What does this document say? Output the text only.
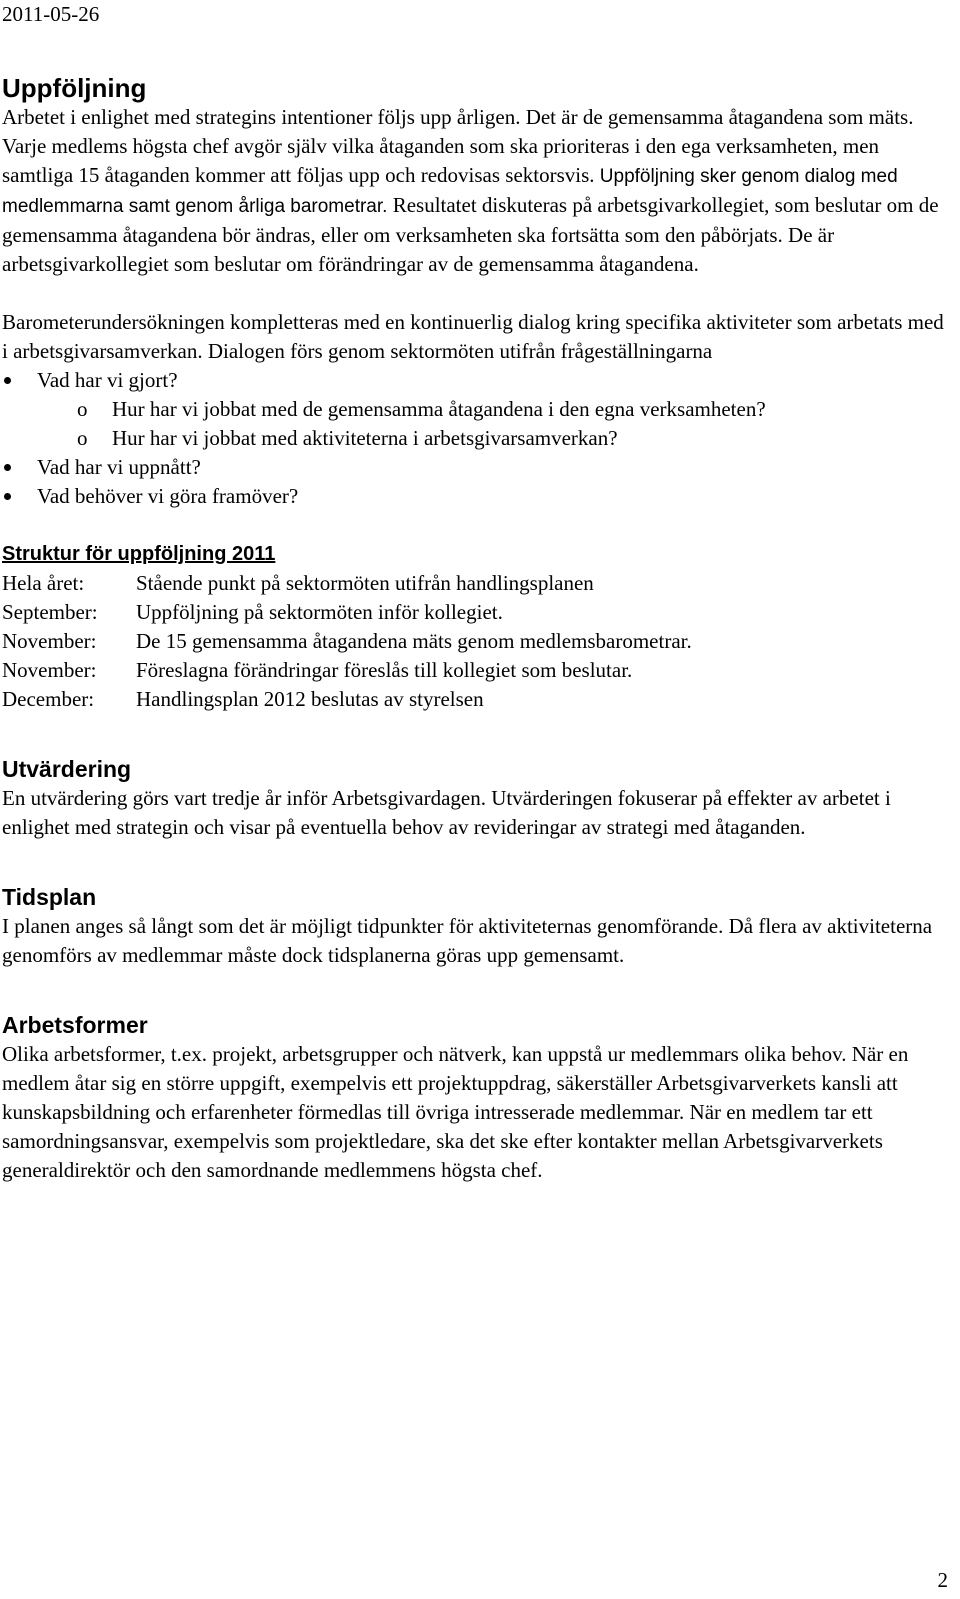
2011-05-26
Uppföljning

Arbetet i enlighet med strategins intentioner följs upp årligen. Det är de gemensamma åtagandena som mäts. Varje medlems högsta chef avgör själv vilka åtaganden som ska prioriteras i den ega verksamheten, men samtliga 15 åtaganden kommer att följas upp och redovisas sektorsvis. Uppföljning sker genom dialog med medlemmarna samt genom årliga barometrar. Resultatet diskuteras på arbetsgivarkollegiet, som beslutar om de gemensamma åtagandena bör ändras, eller om verksamheten ska fortsätta som den påbörjats. De är arbetsgivarkollegiet som beslutar om förändringar av de gemensamma åtagandena.

Barometerundersökningen kompletteras med en kontinuerlig dialog kring specifika aktiviteter som arbetats med i arbetsgivarsamverkan. Dialogen förs genom sektormöten utifrån frågeställningarna

Vad har vi gjort?
o Hur har vi jobbat med de gemensamma åtagandena i den egna verksamheten?
o Hur har vi jobbat med aktiviteterna i arbetsgivarsamverkan?
Vad har vi uppnått?
Vad behöver vi göra framöver?

Struktur för uppföljning 2011

Hela året:	Stående punkt på sektormöten utifrån handlingsplanen
September:	Uppföljning på sektormöten inför kollegiet.
November:	De 15 gemensamma åtagandena mäts genom medlemsbarometrar.
November:	Föreslagna förändringar föreslås till kollegiet som beslutar.
December:	Handlingsplan 2012 beslutas av styrelsen
Utvärdering

En utvärdering görs vart tredje år inför Arbetsgivardagen. Utvärderingen fokuserar på effekter av arbetet i enlighet med strategin och visar på eventuella behov av revideringar av strategi med åtaganden.

Tidsplan

I planen anges så långt som det är möjligt tidpunkter för aktiviteternas genomförande. Då flera av aktiviteterna genomförs av medlemmar måste dock tidsplanerna göras upp gemensamt.

Arbetsformer

Olika arbetsformer, t.ex. projekt, arbetsgrupper och nätverk, kan uppstå ur medlemmars olika behov. När en medlem åtar sig en större uppgift, exempelvis ett projektuppdrag, säkerställer Arbetsgivarverkets kansli att kunskapsbildning och erfarenheter förmedlas till övriga intresserade medlemmar. När en medlem tar ett samordningsansvar, exempelvis som projektledare, ska det ske efter kontakter mellan Arbetsgivarverkets generaldirektör och den samordnande medlemmens högsta chef.

2
